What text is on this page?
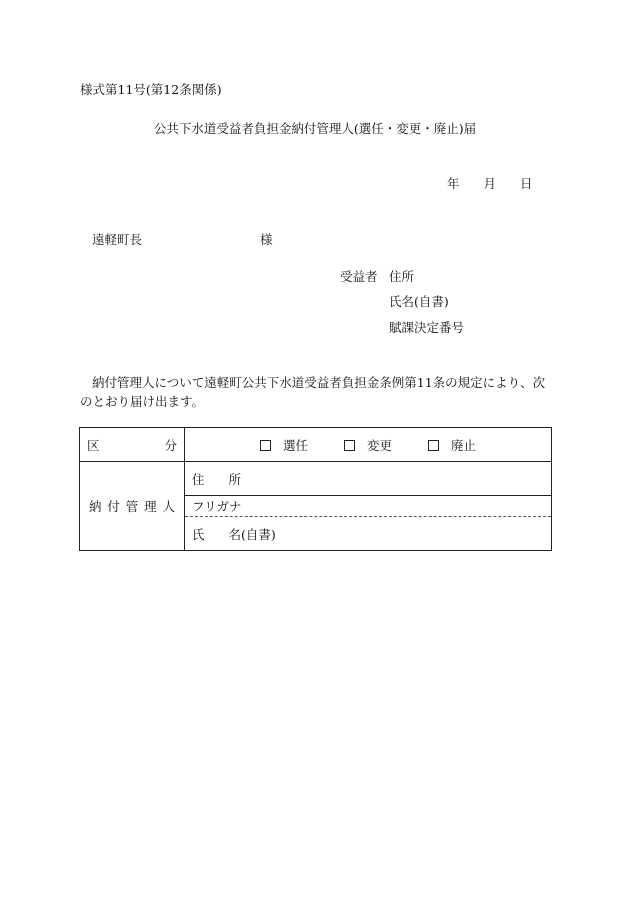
様式第11号(第12条関係)
公共下水道受益者負担金納付管理人(選任・変更・廃止)届
年 月 日
遠軽町長	様
受益者 住所
氏名(自書)
賦課決定番号
納付管理人について遠軽町公共下水道受益者負担金条例第11条の規定により、次のとおり届け出ます。
区 分	選任 変更 廃止

納 付 管 理 人	住 所
	フリガナ
	氏 名(自書)
